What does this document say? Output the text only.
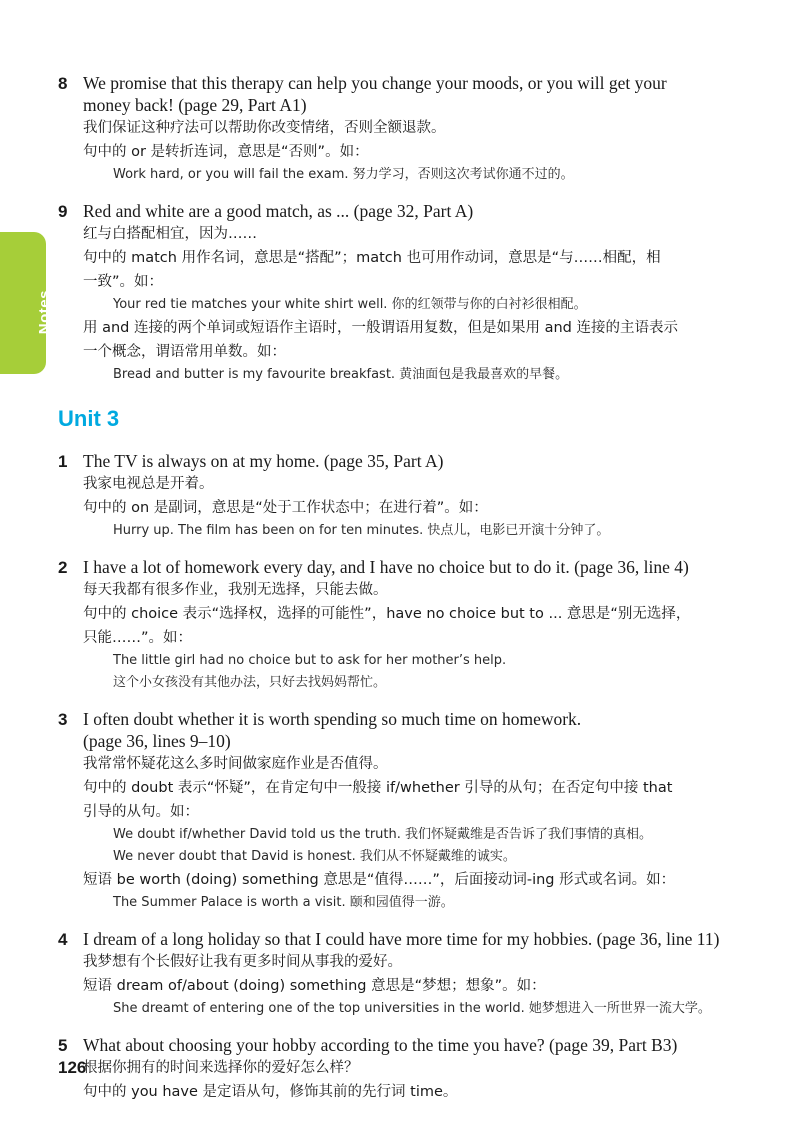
Notes
8 We promise that this therapy can help you change your moods, or you will get your

money back! (page 29, Part A1)

我们保证这种疗法可以帮助你改变情绪，否则全额退款。

句中的 or 是转折连词，意思是“否则”。如：

Work hard, or you will fail the exam. 努力学习，否则这次考试你通不过的。

9 Red and white are a good match, as ... (page 32, Part A)

红与白搭配相宜，因为……

句中的 match 用作名词，意思是“搭配”；match 也可用作动词，意思是“与……相配，相

一致”。如：

Your red tie matches your white shirt well. 你的红领带与你的白衬衫很相配。

用 and 连接的两个单词或短语作主语时，一般谓语用复数，但是如果用 and 连接的主语表示

一个概念，谓语常用单数。如：

Bread and butter is my favourite breakfast. 黄油面包是我最喜欢的早餐。

Unit 3
1 The TV is always on at my home. (page 35, Part A)

我家电视总是开着。

句中的 on 是副词，意思是“处于工作状态中；在进行着”。如：

Hurry up. The film has been on for ten minutes. 快点儿，电影已开演十分钟了。

2 I have a lot of homework every day, and I have no choice but to do it. (page 36, line 4)

每天我都有很多作业，我别无选择，只能去做。

句中的 choice 表示“选择权，选择的可能性”，have no choice but to ... 意思是“别无选择，

只能……”。如：

The little girl had no choice but to ask for her mother’s help.

这个小女孩没有其他办法，只好去找妈妈帮忙。

3 I often doubt whether it is worth spending so much time on homework.

(page 36, lines 9–10)

我常常怀疑花这么多时间做家庭作业是否值得。

句中的 doubt 表示“怀疑”，在肯定句中一般接 if/whether 引导的从句；在否定句中接 that

引导的从句。如：

We doubt if/whether David told us the truth. 我们怀疑戴维是否告诉了我们事情的真相。

We never doubt that David is honest. 我们从不怀疑戴维的诚实。

短语 be worth (doing) something 意思是“值得……”，后面接动词-ing 形式或名词。如：

The Summer Palace is worth a visit. 颐和园值得一游。

4 I dream of a long holiday so that I could have more time for my hobbies. (page 36, line 11)

我梦想有个长假好让我有更多时间从事我的爱好。

短语 dream of/about (doing) something 意思是“梦想；想象”。如：

She dreamt of entering one of the top universities in the world. 她梦想进入一所世界一流大学。

5 What about choosing your hobby according to the time you have? (page 39, Part B3)

根据你拥有的时间来选择你的爱好怎么样？

句中的 you have 是定语从句，修饰其前的先行词 time。

126
